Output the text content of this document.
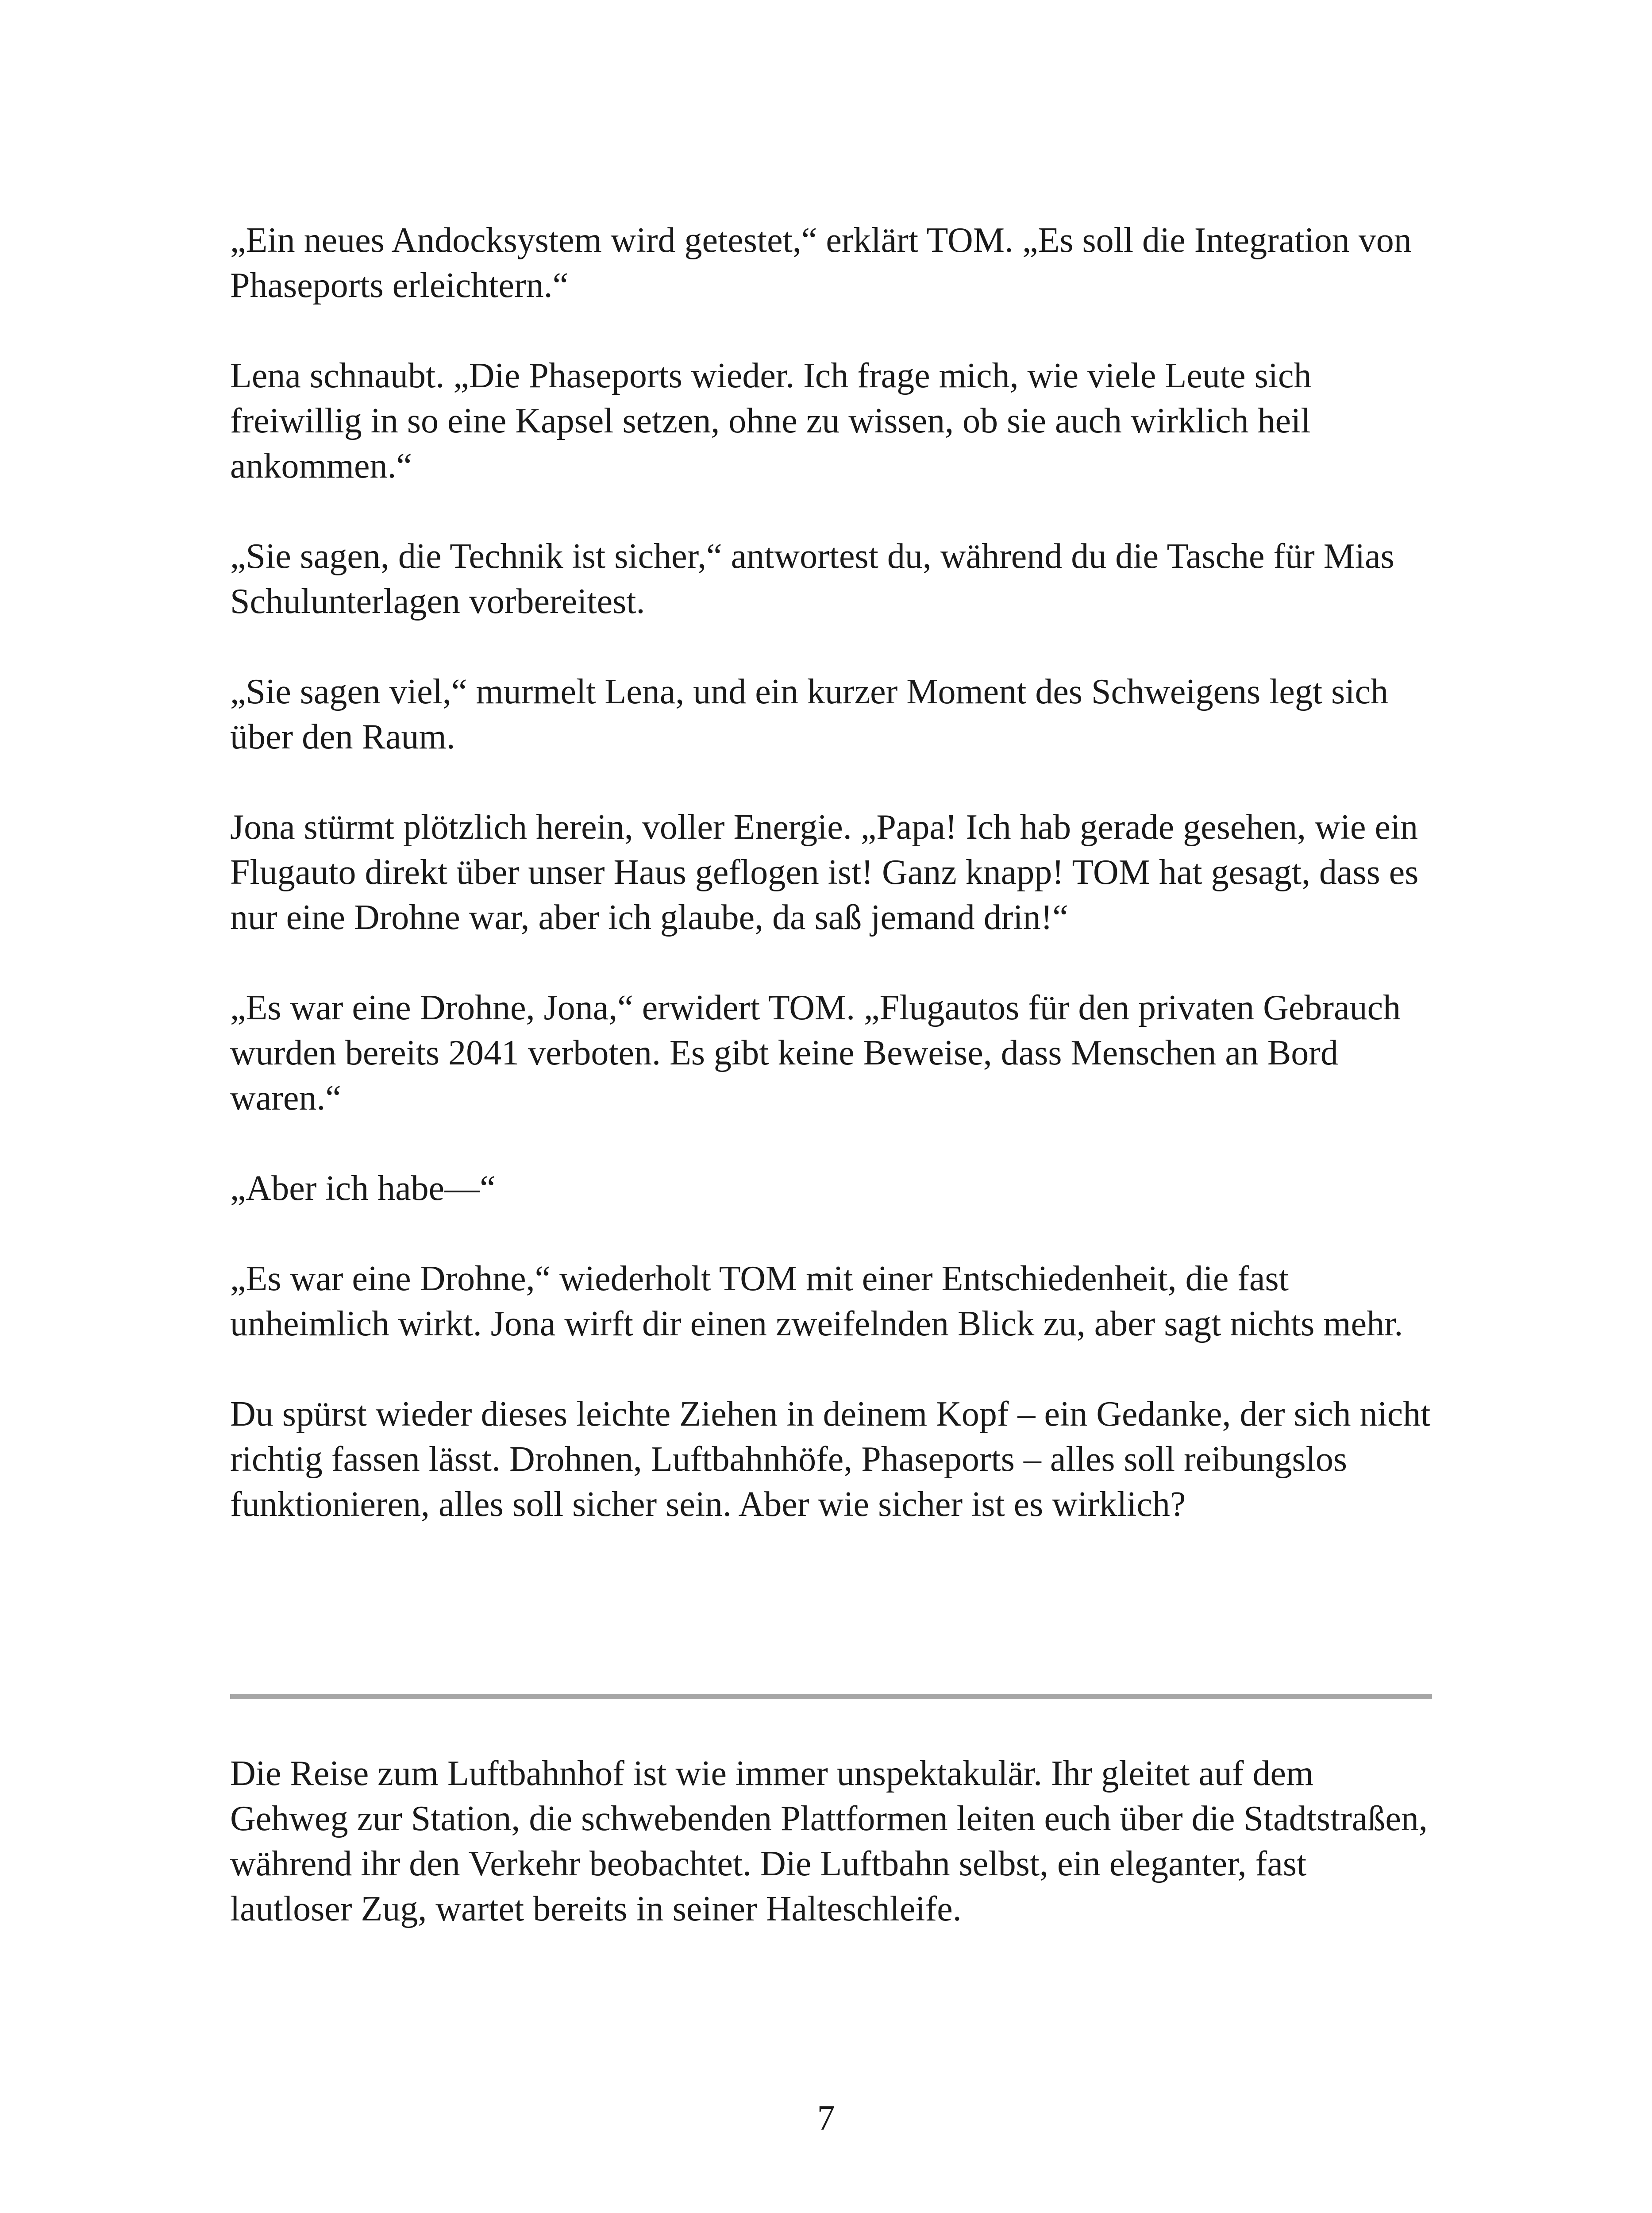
„Ein neues Andocksystem wird getestet,“ erklärt TOM. „Es soll die Integration von Phaseports erleichtern.“

Lena schnaubt. „Die Phaseports wieder. Ich frage mich, wie viele Leute sich freiwillig in so eine Kapsel setzen, ohne zu wissen, ob sie auch wirklich heil ankommen.“

„Sie sagen, die Technik ist sicher,“ antwortest du, während du die Tasche für Mias Schulunterlagen vorbereitest.

„Sie sagen viel,“ murmelt Lena, und ein kurzer Moment des Schweigens legt sich über den Raum.

Jona stürmt plötzlich herein, voller Energie. „Papa! Ich hab gerade gesehen, wie ein Flugauto direkt über unser Haus geflogen ist! Ganz knapp! TOM hat gesagt, dass es nur eine Drohne war, aber ich glaube, da saß jemand drin!“

„Es war eine Drohne, Jona,“ erwidert TOM. „Flugautos für den privaten Gebrauch wurden bereits 2041 verboten. Es gibt keine Beweise, dass Menschen an Bord waren.“

„Aber ich habe—“

„Es war eine Drohne,“ wiederholt TOM mit einer Entschiedenheit, die fast unheimlich wirkt. Jona wirft dir einen zweifelnden Blick zu, aber sagt nichts mehr.

Du spürst wieder dieses leichte Ziehen in deinem Kopf – ein Gedanke, der sich nicht richtig fassen lässt. Drohnen, Luftbahnhöfe, Phaseports – alles soll reibungslos funktionieren, alles soll sicher sein. Aber wie sicher ist es wirklich?

Die Reise zum Luftbahnhof ist wie immer unspektakulär. Ihr gleitet auf dem Gehweg zur Station, die schwebenden Plattformen leiten euch über die Stadtstraßen, während ihr den Verkehr beobachtet. Die Luftbahn selbst, ein eleganter, fast lautloser Zug, wartet bereits in seiner Halteschleife.

7
